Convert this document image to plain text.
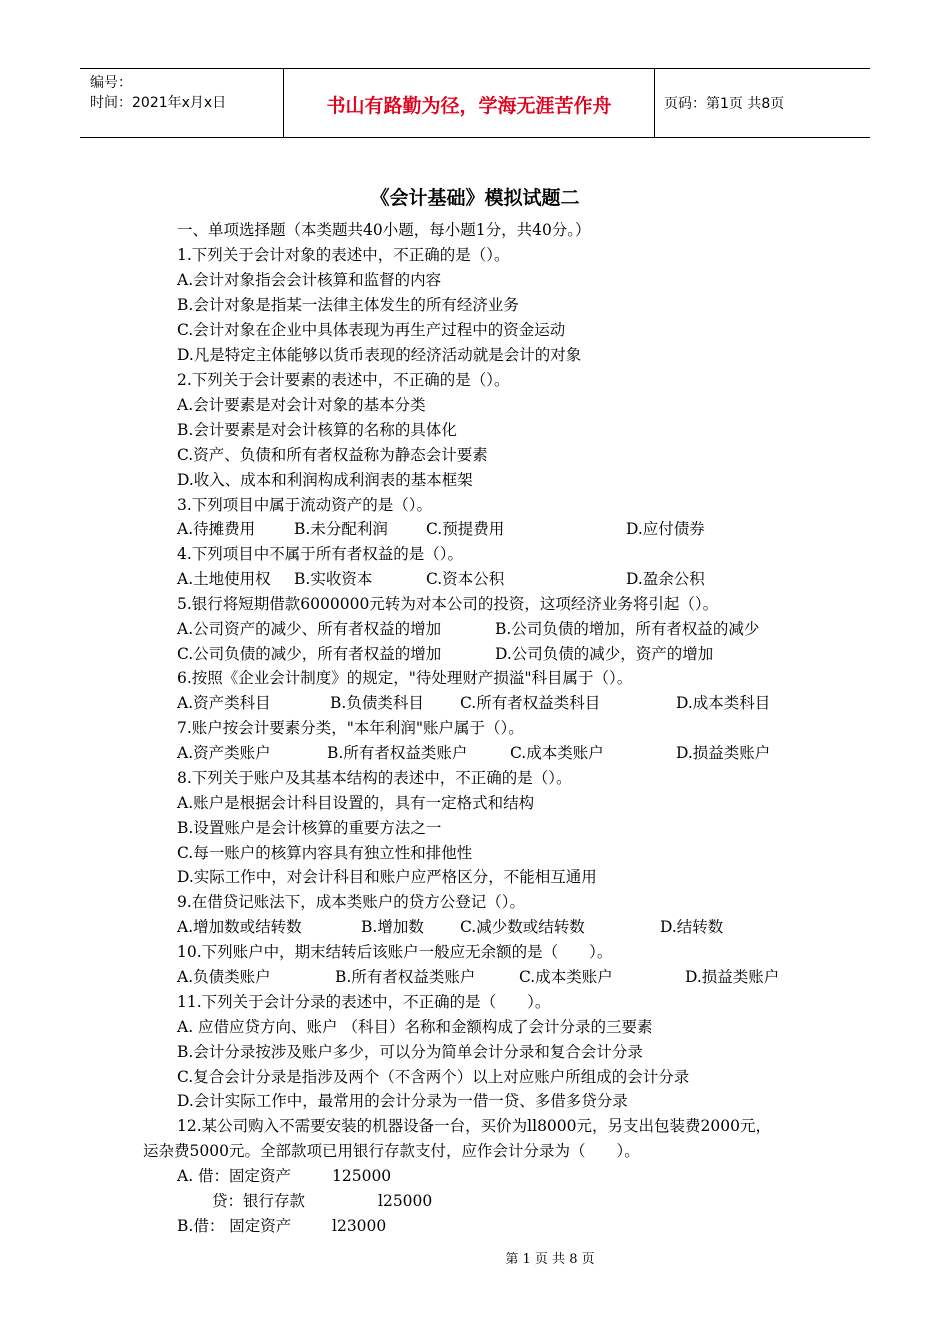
编号：
时间：2021年x月x日	书山有路勤为径，学海无涯苦作舟	页码：第1页 共8页
《会计基础》模拟试题二
一、单项选择题（本类题共40小题，每小题1分，共40分。）
1.下列关于会计对象的表述中，不正确的是（）。
A.会计对象指会会计核算和监督的内容
B.会计对象是指某一法律主体发生的所有经济业务
C.会计对象在企业中具体表现为再生产过程中的资金运动
D.凡是特定主体能够以货币表现的经济活动就是会计的对象
2.下列关于会计要素的表述中，不正确的是（）。
A.会计要素是对会计对象的基本分类
B.会计要素是对会计核算的名称的具体化
C.资产、负债和所有者权益称为静态会计要素
D.收入、成本和利润构成利润表的基本框架
3.下列项目中属于流动资产的是（）。
A.待摊费用	B.未分配利润 C.预提费用	D.应付债券
4.下列项目中不属于所有者权益的是（）。
A.土地使用权 B.实收资本	C.资本公积	D.盈余公积
5.银行将短期借款6000000元转为对本公司的投资，这项经济业务将引起（）。
A.公司资产的减少、所有者权益的增加	B.公司负债的增加，所有者权益的减少
C.公司负债的减少，所有者权益的增加	D.公司负债的减少，资产的增加
6.按照《企业会计制度》的规定，"待处理财产损溢"科目属于（）。
A.资产类科目	B.负债类科目 C.所有者权益类科目	D.成本类科目
7.账户按会计要素分类，"本年利润"账户属于（）。
A.资产类账户	B.所有者权益类账户	C.成本类账户	D.损益类账户
8.下列关于账户及其基本结构的表述中，不正确的是（）。
A.账户是根据会计科目设置的，具有一定格式和结构
B.设置账户是会计核算的重要方法之一
C.每一账户的核算内容具有独立性和排他性
D.实际工作中，对会计科目和账户应严格区分，不能相互通用
9.在借贷记账法下，成本类账户的贷方公登记（）。
A.增加数或结转数	B.增加数 C.减少数或结转数	D.结转数
10.下列账户中，期末结转后该账户一般应无余额的是（　　）。
A.负债类账户	B.所有者权益类账户	C.成本类账户	D.损益类账户
11.下列关于会计分录的表述中，不正确的是（　　）。
A. 应借应贷方向、账户 （科目）名称和金额构成了会计分录的三要素
B.会计分录按涉及账户多少，可以分为简单会计分录和复合会计分录
C.复合会计分录是指涉及两个（不含两个）以上对应账户所组成的会计分录
D.会计实际工作中，最常用的会计分录为一借一贷、多借多贷分录
12.某公司购入不需要安装的机器设备一台，买价为ll8000元，另支出包装费2000元，
运杂费5000元。全部款项已用银行存款支付，应作会计分录为（　　）。
A. 借：固定资产	125000
贷：银行存款	l25000
B.借： 固定资产	l23000
第 1 页 共 8 页
